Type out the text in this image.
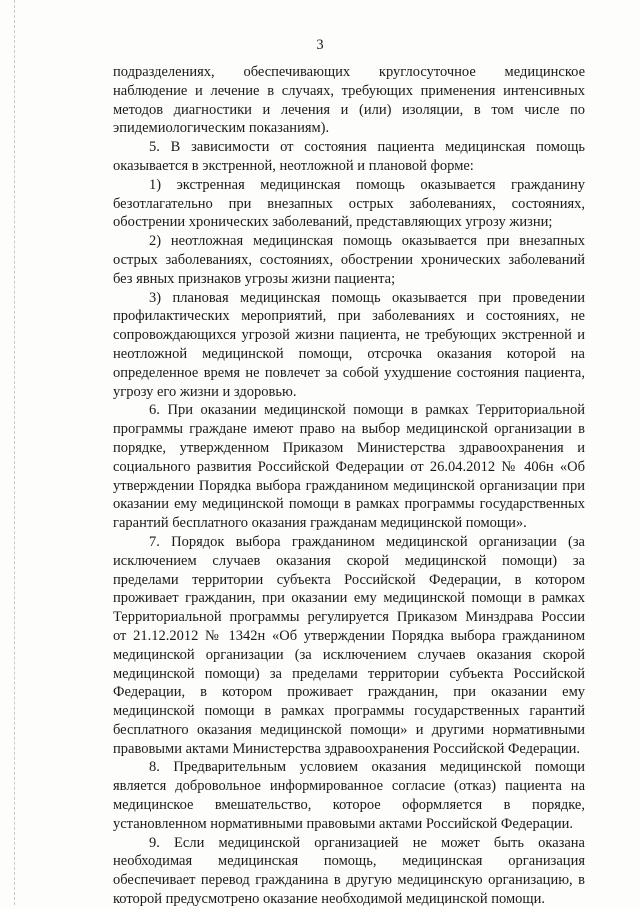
3
подразделениях, обеспечивающих круглосуточное медицинское
наблюдение и лечение в случаях, требующих применения интенсивных
методов диагностики и лечения и (или) изоляции, в том числе по
эпидемиологическим показаниям).
5. В зависимости от состояния пациента медицинская помощь
оказывается в экстренной, неотложной и плановой форме:
1) экстренная медицинская помощь оказывается гражданину
безотлагательно при внезапных острых заболеваниях, состояниях,
обострении хронических заболеваний, представляющих угрозу жизни;
2) неотложная медицинская помощь оказывается при внезапных
острых заболеваниях, состояниях, обострении хронических заболеваний
без явных признаков угрозы жизни пациента;
3) плановая медицинская помощь оказывается при проведении
профилактических мероприятий, при заболеваниях и состояниях, не
сопровождающихся угрозой жизни пациента, не требующих экстренной и
неотложной медицинской помощи, отсрочка оказания которой на
определенное время не повлечет за собой ухудшение состояния пациента,
угрозу его жизни и здоровью.
6. При оказании медицинской помощи в рамках Территориальной
программы граждане имеют право на выбор медицинской организации в
порядке, утвержденном Приказом Министерства здравоохранения и
социального развития Российской Федерации от 26.04.2012 № 406н «Об
утверждении Порядка выбора гражданином медицинской организации при
оказании ему медицинской помощи в рамках программы государственных
гарантий бесплатного оказания гражданам медицинской помощи».
7. Порядок выбора гражданином медицинской организации (за
исключением случаев оказания скорой медицинской помощи) за
пределами территории субъекта Российской Федерации, в котором
проживает гражданин, при оказании ему медицинской помощи в рамках
Территориальной программы регулируется Приказом Минздрава России
от 21.12.2012 № 1342н «Об утверждении Порядка выбора гражданином
медицинской организации (за исключением случаев оказания скорой
медицинской помощи) за пределами территории субъекта Российской
Федерации, в котором проживает гражданин, при оказании ему
медицинской помощи в рамках программы государственных гарантий
бесплатного оказания медицинской помощи» и другими нормативными
правовыми актами Министерства здравоохранения Российской Федерации.
8. Предварительным условием оказания медицинской помощи
является добровольное информированное согласие (отказ) пациента на
медицинское вмешательство, которое оформляется в порядке,
установленном нормативными правовыми актами Российской Федерации.
9. Если медицинской организацией не может быть оказана
необходимая медицинская помощь, медицинская организация
обеспечивает перевод гражданина в другую медицинскую организацию, в
которой предусмотрено оказание необходимой медицинской помощи.
